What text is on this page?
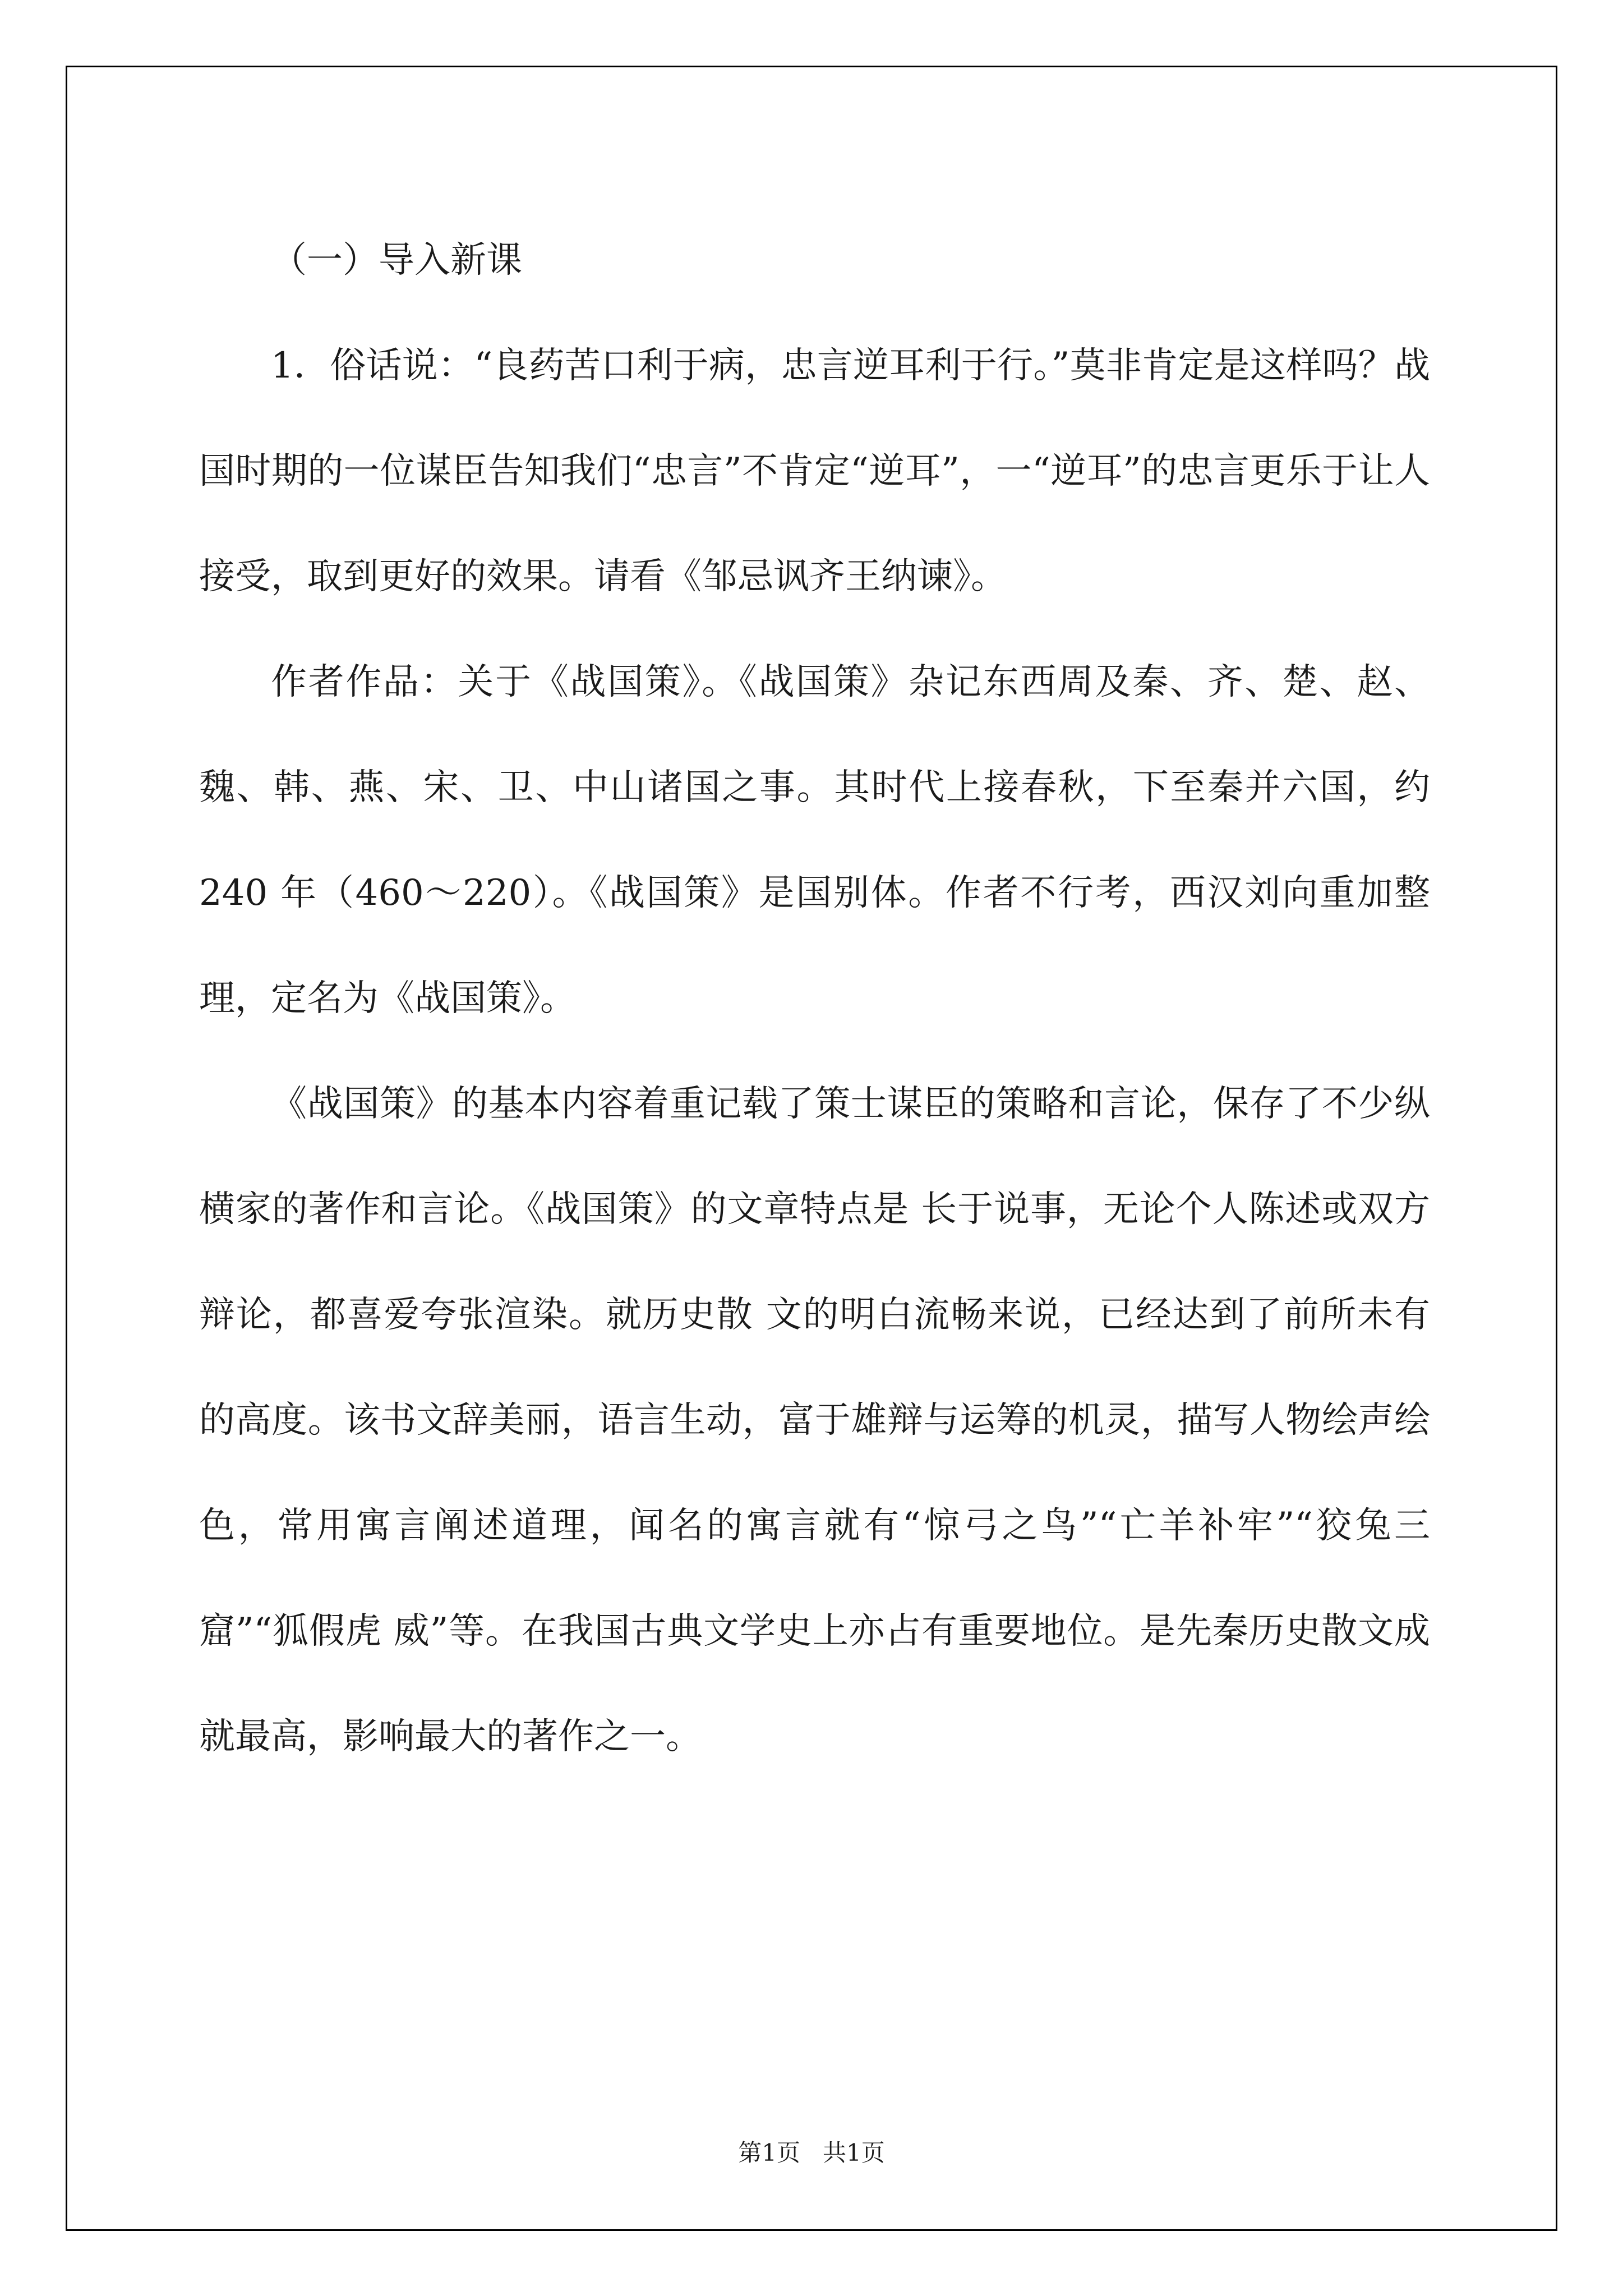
（一）导入新课

1．俗话说：“良药苦口利于病，忠言逆耳利于行。”莫非肯定是这样吗？战国时期的一位谋臣告知我们“忠言”不肯定“逆耳”，一“逆耳”的忠言更乐于让人接受，取到更好的效果。请看《邹忌讽齐王纳谏》。

作者作品：关于《战国策》。《战国策》杂记东西周及秦、齐、楚、赵、魏、韩、燕、宋、卫、中山诸国之事。其时代上接春秋，下至秦并六国，约 240 年（460～220）。《战国策》是国别体。作者不行考，西汉刘向重加整理，定名为《战国策》。

《战国策》的基本内容着重记载了策士谋臣的策略和言论，保存了不少纵横家的著作和言论。《战国策》的文章特点是 长于说事，无论个人陈述或双方辩论，都喜爱夸张渲染。就历史散 文的明白流畅来说，已经达到了前所未有的高度。该书文辞美丽，语言生动，富于雄辩与运筹的机灵，描写人物绘声绘色，常用寓言阐述道理，闻名的寓言就有“惊弓之鸟”“亡羊补牢”“狡兔三窟”“狐假虎 威”等。在我国古典文学史上亦占有重要地位。是先秦历史散文成就最高，影响最大的著作之一。

第1页   共1页
